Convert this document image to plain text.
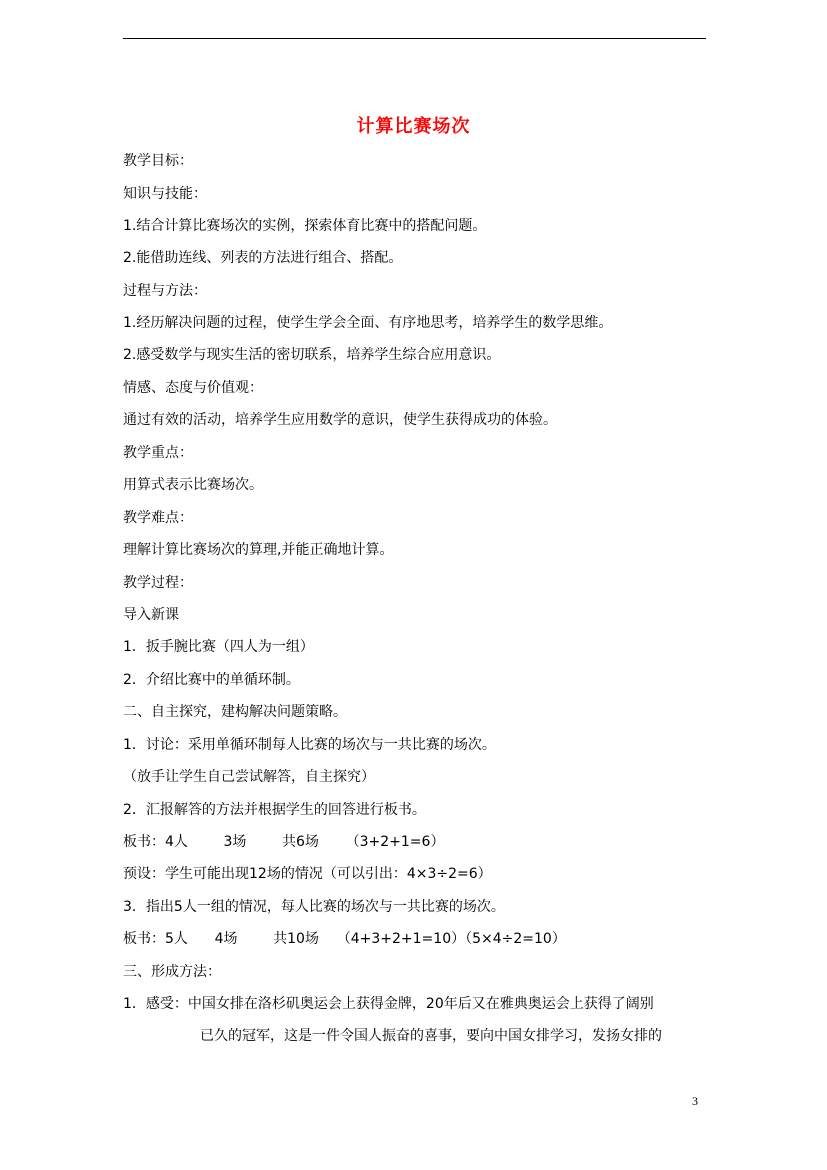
计算比赛场次
教学目标：
知识与技能：
1.结合计算比赛场次的实例，探索体育比赛中的搭配问题。
2.能借助连线、列表的方法进行组合、搭配。
过程与方法：
1.经历解决问题的过程，使学生学会全面、有序地思考，培养学生的数学思维。
2.感受数学与现实生活的密切联系，培养学生综合应用意识。
情感、态度与价值观：
通过有效的活动，培养学生应用数学的意识，使学生获得成功的体验。
教学重点：
用算式表示比赛场次。
教学难点：
理解计算比赛场次的算理,并能正确地计算。
教学过程：
导入新课
1．扳手腕比赛（四人为一组）
2．介绍比赛中的单循环制。
二、自主探究，建构解决问题策略。
1．讨论：采用单循环制每人比赛的场次与一共比赛的场次。
（放手让学生自己尝试解答，自主探究）
2．汇报解答的方法并根据学生的回答进行板书。
板书：4人        3场        共6场      （3+2+1=6）
预设：学生可能出现12场的情况（可以引出：4×3÷2=6）
3．指出5人一组的情况，每人比赛的场次与一共比赛的场次。
板书：5人      4场        共10场    （4+3+2+1=10）（5×4÷2=10）
三、形成方法：
1．感受：中国女排在洛杉矶奥运会上获得金牌，20年后又在雅典奥运会上获得了阔别
已久的冠军，这是一件令国人振奋的喜事，要向中国女排学习，发扬女排的
3
